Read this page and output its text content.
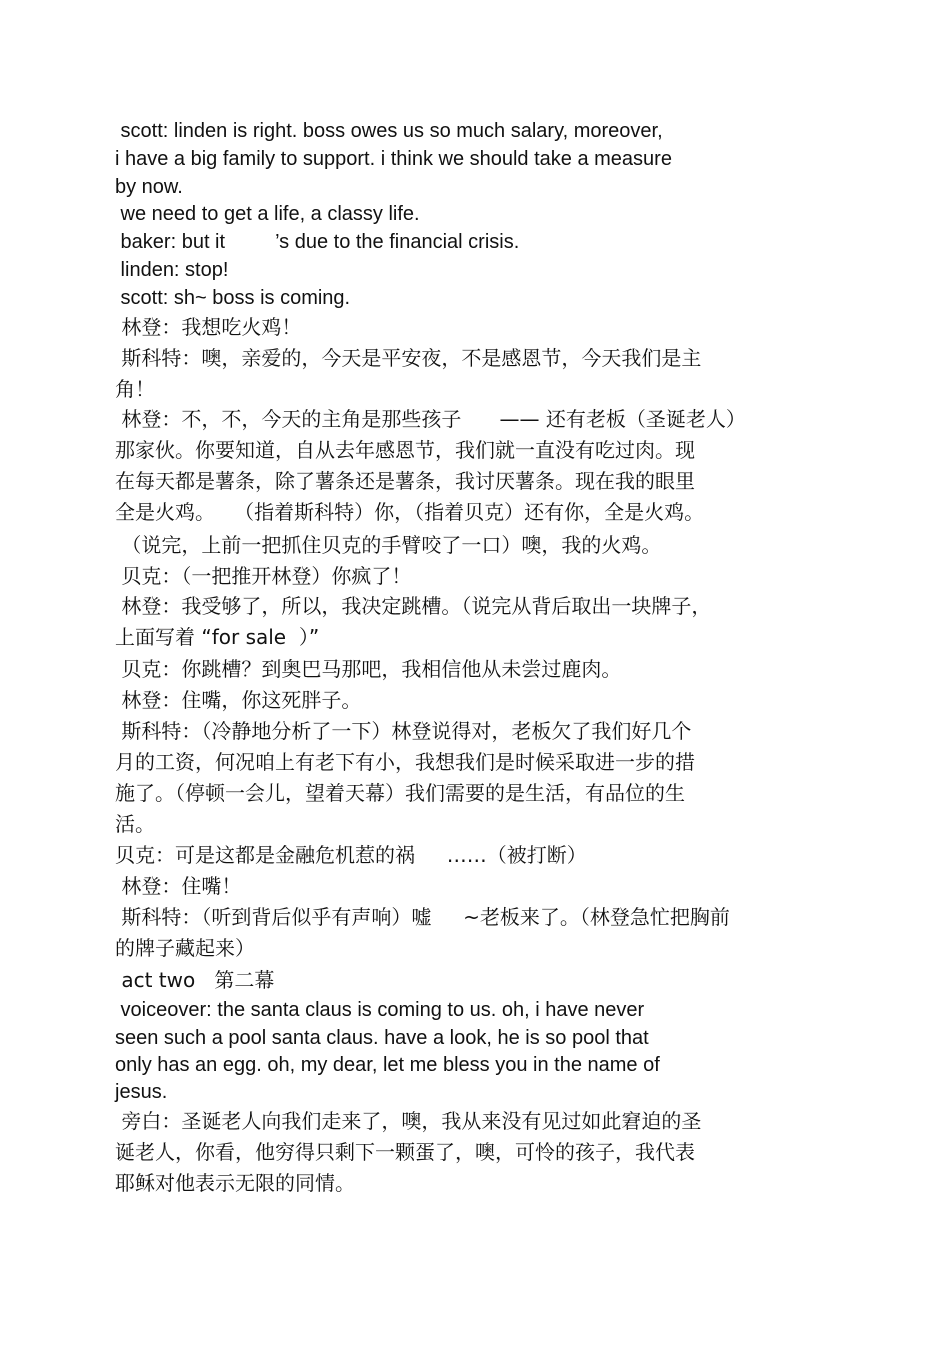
scott: linden is right. boss owes us so much salary, moreover,
i have a big family to support. i think we should take a measure
by now.
we need to get a life, a classy life.
baker: but it         ’s due to the financial crisis.
linden: stop!
scott: sh~ boss is coming.
林登：我想吃火鸡！
斯科特：噢，亲爱的，今天是平安夜，不是感恩节，今天我们是主
角！
林登：不，不，今天的主角是那些孩子      —— 还有老板（圣诞老人）
那家伙。你要知道，自从去年感恩节，我们就一直没有吃过肉。现
在每天都是薯条，除了薯条还是薯条，我讨厌薯条。现在我的眼里
全是火鸡。   （指着斯科特）你，（指着贝克）还有你，全是火鸡。
（说完，上前一把抓住贝克的手臂咬了一口）噢，我的火鸡。
贝克：（一把推开林登）你疯了！
林登：我受够了，所以，我决定跳槽。（说完从背后取出一块牌子，
上面写着 “for sale  ）”
贝克：你跳槽？到奥巴马那吧，我相信他从未尝过鹿肉。
林登：住嘴，你这死胖子。
斯科特：（冷静地分析了一下）林登说得对，老板欠了我们好几个
月的工资，何况咱上有老下有小，我想我们是时候采取进一步的措
施了。（停顿一会儿，望着天幕）我们需要的是生活，有品位的生
活。
贝克：可是这都是金融危机惹的祸     ……（被打断）
林登：住嘴！
斯科特：（听到背后似乎有声响）嘘     ~老板来了。（林登急忙把胸前
的牌子藏起来）
act two   第二幕
voiceover: the santa claus is coming to us. oh, i have never
seen such a pool santa claus. have a look, he is so pool that
only has an egg. oh, my dear, let me bless you in the name of
jesus.
旁白：圣诞老人向我们走来了，噢，我从来没有见过如此窘迫的圣
诞老人，你看，他穷得只剩下一颗蛋了，噢，可怜的孩子，我代表
耶稣对他表示无限的同情。
